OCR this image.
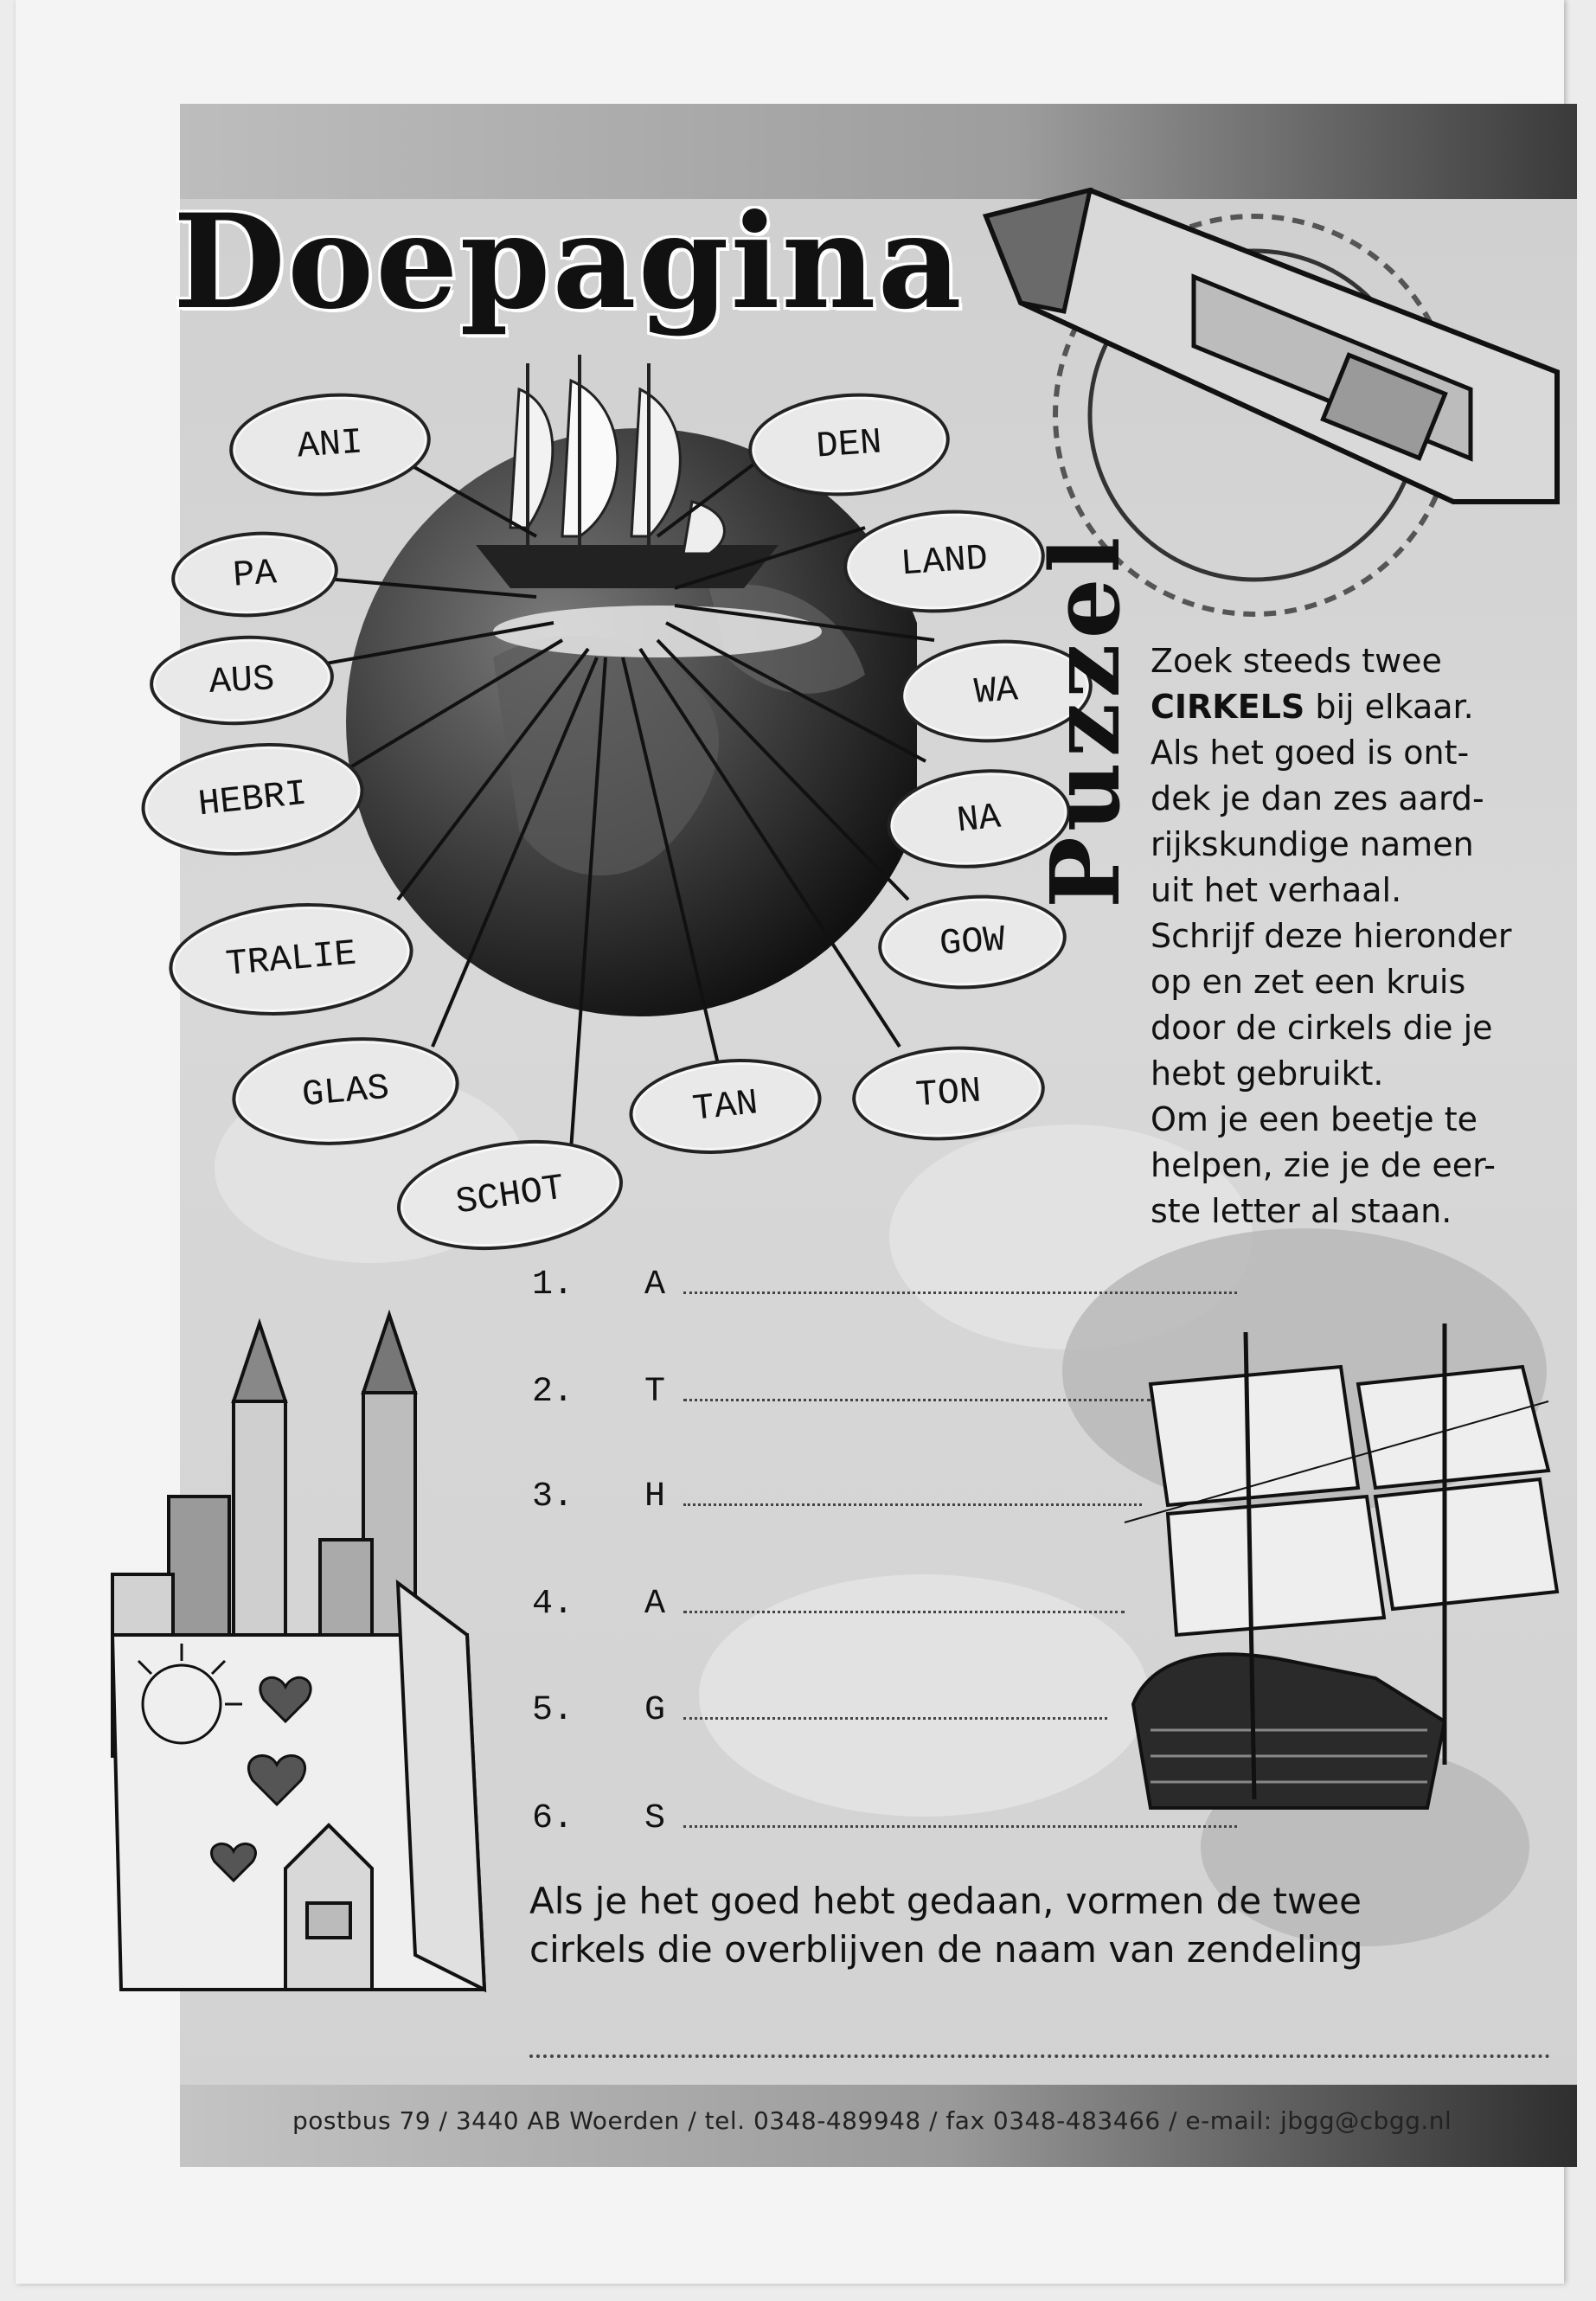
Doepagina
ANI
PA
AUS
HEBRI
TRALIE
GLAS
SCHOT
TAN	TON
GOW
NA
WA
LAND
DEN
Puzzel Zoek steeds twee

CIRKELS bij elkaar.

Als het goed is ont-

dek je dan zes aard-

rijkskundige namen

uit het verhaal.

Schrijf deze hieronder

op en zet een kruis

door de cirkels die je

hebt gebruikt.

Om je een beetje te

helpen, zie je de eer-

ste letter al staan.

1.	A
2.	T
3.	H
4.	A
5.	G
6.	S
Als je het goed hebt gedaan, vormen de twee
cirkels die overblijven de naam van zendeling
postbus 79 / 3440 AB Woerden / tel. 0348-489948 / fax 0348-483466 / e-mail: jbgg@cbgg.nl
